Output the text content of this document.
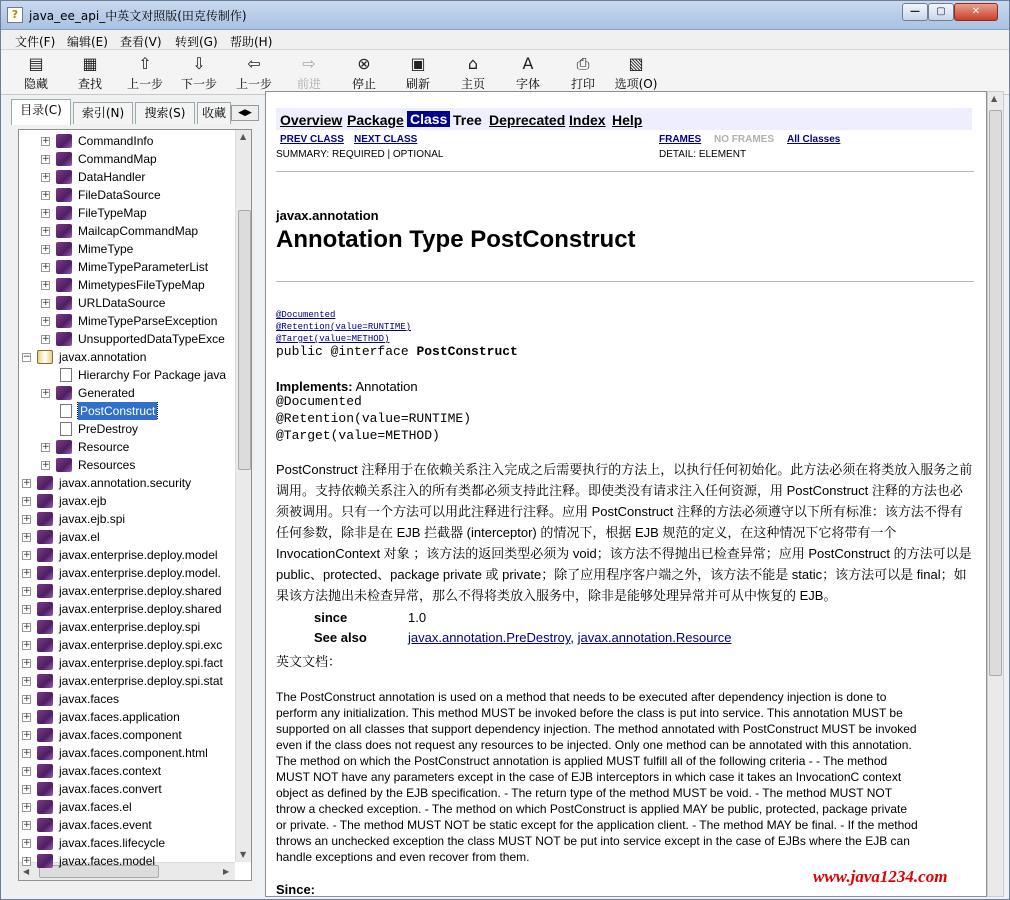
? java_ee_api_中英文对照版(田克传制作)	—	▢	✕
文件(F) 编辑(E) 查看(V) 转到(G) 帮助(H)
▤
隐藏
▦
查找
⇧
上一步
⇩
下一步
⇦
上一步
⇨
前进
⊗
停止
▣
刷新
⌂
主页
A
字体
⎙
打印
▧
选项(O)
目录(C)	索引(N)	搜索(S)	收藏	◀▶
▲
▼
◀	▶
+ CommandInfo
+ CommandMap
+ DataHandler
+ FileDataSource
+ FileTypeMap
+ MailcapCommandMap
+ MimeType
+ MimeTypeParameterList
+ MimetypesFileTypeMap
+ URLDataSource
+ MimeTypeParseException
+ UnsupportedDataTypeExce
− javax.annotation
Hierarchy For Package java
+ Generated
PostConstruct
PreDestroy
+ Resource
+ Resources
+ javax.annotation.security
+ javax.ejb
+ javax.ejb.spi
+ javax.el
+ javax.enterprise.deploy.model
+ javax.enterprise.deploy.model.
+ javax.enterprise.deploy.shared
+ javax.enterprise.deploy.shared
+ javax.enterprise.deploy.spi
+ javax.enterprise.deploy.spi.exc
+ javax.enterprise.deploy.spi.fact
+ javax.enterprise.deploy.spi.stat
+ javax.faces
+ javax.faces.application
+ javax.faces.component
+ javax.faces.component.html
+ javax.faces.context
+ javax.faces.convert
+ javax.faces.el
+ javax.faces.event
+ javax.faces.lifecycle
+ javax.faces.model
Overview Package Class Tree Deprecated Index Help
PREV CLASS NEXT CLASS	FRAMES NO FRAMES All Classes
SUMMARY: REQUIRED | OPTIONAL	DETAIL: ELEMENT
javax.annotation
Annotation Type PostConstruct
@Documented
@Retention(value=RUNTIME)
@Target(value=METHOD)
public @interface PostConstruct
Implements: Annotation
@Documented
@Retention(value=RUNTIME)
@Target(value=METHOD)
PostConstruct 注释用于在依赖关系注入完成之后需要执行的方法上，以执行任何初始化。此方法必须在将类放入服务之前
调用。支持依赖关系注入的所有类都必须支持此注释。即使类没有请求注入任何资源，用 PostConstruct 注释的方法也必
须被调用。只有一个方法可以用此注释进行注释。应用 PostConstruct 注释的方法必须遵守以下所有标准：该方法不得有
任何参数，除非是在 EJB 拦截器 (interceptor) 的情况下，根据 EJB 规范的定义，在这种情况下它将带有一个
InvocationContext 对象 ；该方法的返回类型必须为 void；该方法不得抛出已检查异常；应用 PostConstruct 的方法可以是
public、protected、package private 或 private；除了应用程序客户端之外，该方法不能是 static；该方法可以是 final；如
果该方法抛出未检查异常，那么不得将类放入服务中，除非是能够处理异常并可从中恢复的 EJB。
since	1.0
See also	javax.annotation.PreDestroy, javax.annotation.Resource
英文文档：
The PostConstruct annotation is used on a method that needs to be executed after dependency injection is done to
perform any initialization. This method MUST be invoked before the class is put into service. This annotation MUST be
supported on all classes that support dependency injection. The method annotated with PostConstruct MUST be invoked
even if the class does not request any resources to be injected. Only one method can be annotated with this annotation.
The method on which the PostConstruct annotation is applied MUST fulfill all of the following criteria - - The method
MUST NOT have any parameters except in the case of EJB interceptors in which case it takes an InvocationC context
object as defined by the EJB specification. - The return type of the method MUST be void. - The method MUST NOT
throw a checked exception. - The method on which PostConstruct is applied MAY be public, protected, package private
or private. - The method MUST NOT be static except for the application client. - The method MAY be final. - If the method
throws an unchecked exception the class MUST NOT be put into service except in the case of EJBs where the EJB can
handle exceptions and even recover from them.
Since:
▲
www.java1234.com
